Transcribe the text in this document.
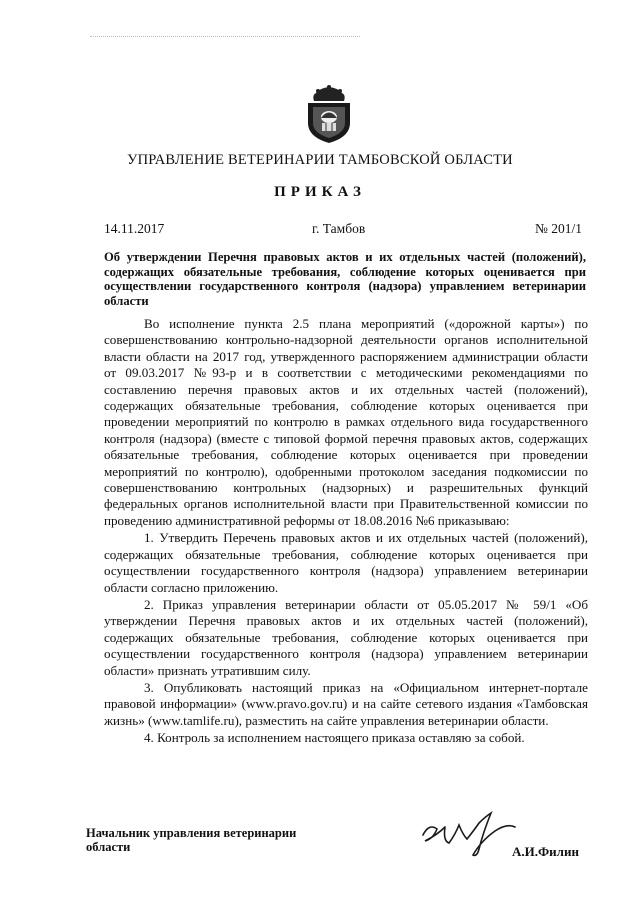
УПРАВЛЕНИЕ ВЕТЕРИНАРИИ ТАМБОВСКОЙ ОБЛАСТИ
ПРИКАЗ
14.11.2017	г. Тамбов	№ 201/1
Об утверждении Перечня правовых актов и их отдельных частей (положений), содержащих обязательные требования, соблюдение которых оценивается при осуществлении государственного контроля (надзора) управлением ветеринарии области

Во исполнение пункта 2.5 плана мероприятий («дорожной карты») по совершенствованию контрольно-надзорной деятельности органов исполнительной власти области на 2017 год, утвержденного распоряжением администрации области от 09.03.2017 №93-р и в соответствии с методическими рекомендациями по составлению перечня правовых актов и их отдельных частей (положений), содержащих обязательные требования, соблюдение которых оценивается при проведении мероприятий по контролю в рамках отдельного вида государственного контроля (надзора) (вместе с типовой формой перечня правовых актов, содержащих обязательные требования, соблюдение которых оценивается при проведении мероприятий по контролю), одобренными протоколом заседания подкомиссии по совершенствованию контрольных (надзорных) и разрешительных функций федеральных органов исполнительной власти при Правительственной комиссии по проведению административной реформы от 18.08.2016 №6 приказываю:

1. Утвердить Перечень правовых актов и их отдельных частей (положений), содержащих обязательные требования, соблюдение которых оценивается при осуществлении государственного контроля (надзора) управлением ветеринарии области согласно приложению.

2. Приказ управления ветеринарии области от 05.05.2017 № 59/1 «Об утверждении Перечня правовых актов и их отдельных частей (положений), содержащих обязательные требования, соблюдение которых оценивается при осуществлении государственного контроля (надзора) управлением ветеринарии области» признать утратившим силу.

3. Опубликовать настоящий приказ на «Официальном интернет-портале правовой информации» (www.pravo.gov.ru) и на сайте сетевого издания «Тамбовская жизнь» (www.tamlife.ru), разместить на сайте управления ветеринарии области.

4. Контроль за исполнением настоящего приказа оставляю за собой.

Начальник управления ветеринарии
области	А.И.Филин
